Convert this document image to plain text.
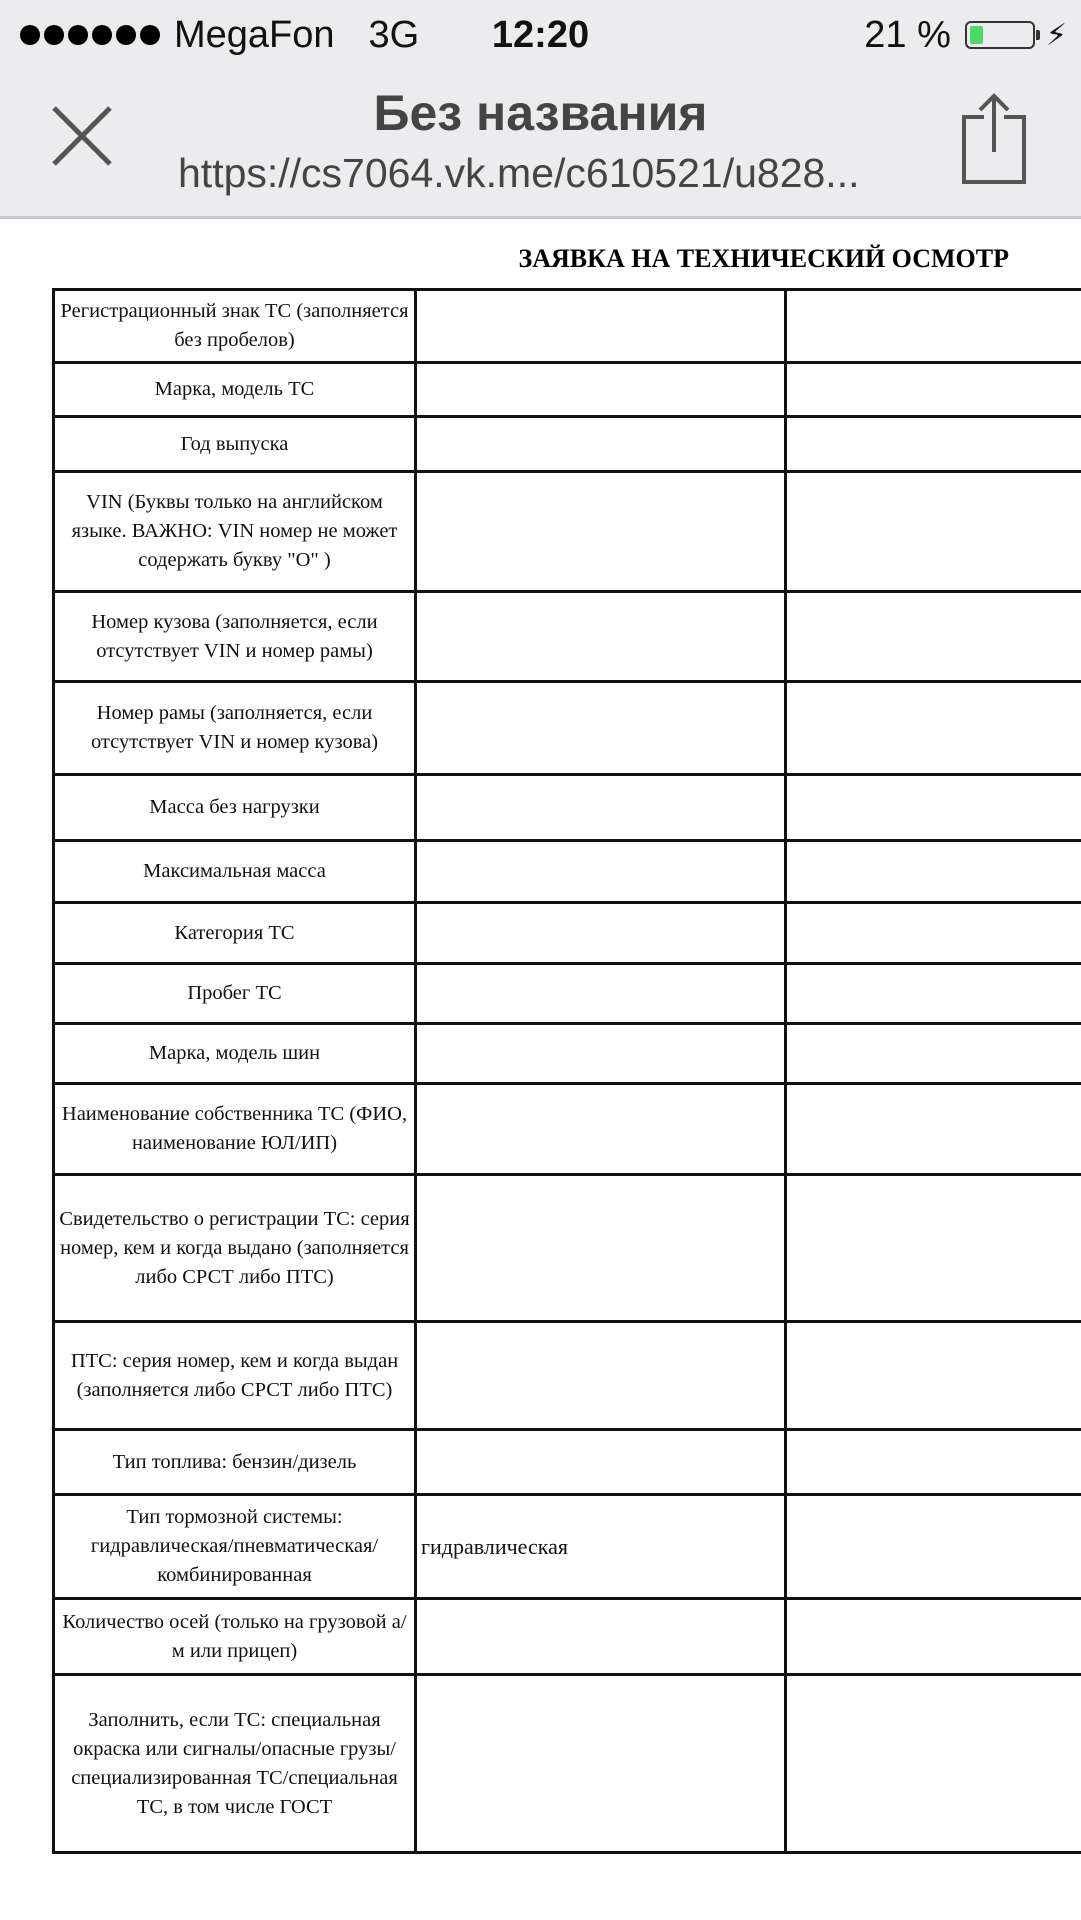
MegaFon 3G	12:20	21 %	⚡︎
Без названия
https://cs7064.vk.me/c610521/u828...
ЗАЯВКА НА ТЕХНИЧЕСКИЙ ОСМОТР
Регистрационный знак ТС (заполняется без пробелов)		
Марка, модель ТС		
Год выпуска		
VIN (Буквы только на английском языке. ВАЖНО: VIN номер не может содержать букву "О" )		
Номер кузова (заполняется, если отсутствует VIN и номер рамы)		
Номер рамы (заполняется, если отсутствует VIN и номер кузова)		
Масса без нагрузки		
Максимальная масса		
Категория ТС		
Пробег ТС		
Марка, модель шин		
Наименование собственника ТС (ФИО, наименование ЮЛ/ИП)		
Свидетельство о регистрации ТС: серия номер, кем и когда выдано (заполняется либо СРСТ либо ПТС)		
ПТС: серия номер, кем и когда выдан (заполняется либо СРСТ либо ПТС)		
Тип топлива: бензин/дизель		
Тип тормозной системы: гидравлическая/пневматическая/ комбинированная	гидравлическая	
Количество осей (только на грузовой а/м или прицеп)		
Заполнить, если ТС: специальная окраска или сигналы/опасные грузы/ специализированная ТС/специальная ТС, в том числе ГОСТ		
